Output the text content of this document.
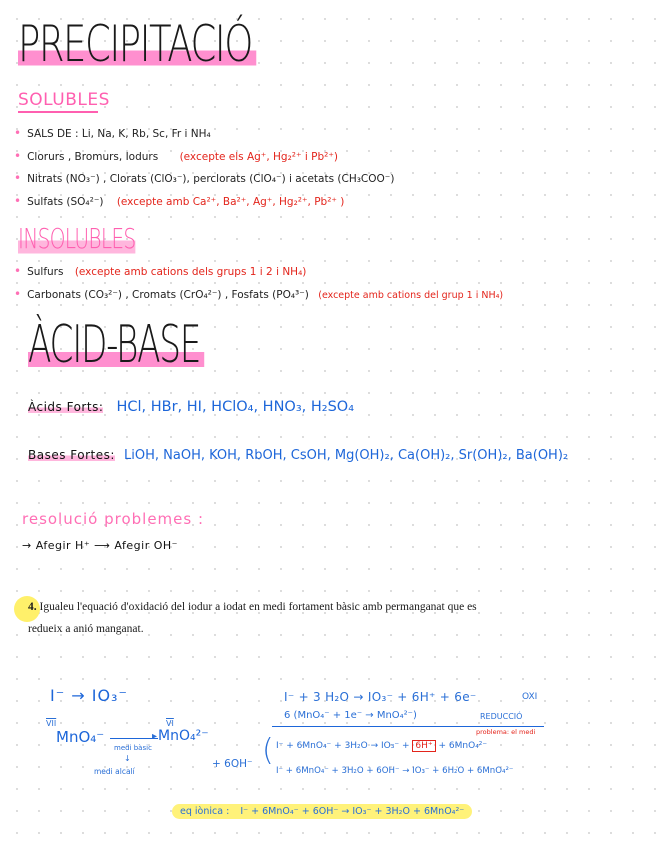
PRECIPITACIÓ
SOLUBLES
• SALS DE : Li, Na, K, Rb, Sc, Fr i NH₄
• Clorurs , Bromurs, Iodurs (excepte els Ag⁺, Hg₂²⁺ i Pb²⁺)
• Nitrats (NO₃⁻) , Clorats (ClO₃⁻), perclorats (ClO₄⁻) i acetats (CH₃COO⁻)
• Sulfats (SO₄²⁻) (excepte amb Ca²⁺, Ba²⁺, Ag⁺, Hg₂²⁺, Pb²⁺ )
INSOLUBLES
• Sulfurs (excepte amb cations dels grups 1 i 2 i NH₄)
• Carbonats (CO₃²⁻) , Cromats (CrO₄²⁻) , Fosfats (PO₄³⁻) (excepte amb cations del grup 1 i NH₄)
ÀCID-BASE
Àcids Forts: HCl, HBr, HI, HClO₄, HNO₃, H₂SO₄
Bases Fortes: LiOH, NaOH, KOH, RbOH, CsOH, Mg(OH)₂, Ca(OH)₂, Sr(OH)₂, Ba(OH)₂
resolució problemes :
→ Afegir H⁺ ⟶ Afegir OH⁻
4. Igualeu l'equació d'oxidació del iodur a iodat en medi fortament bàsic amb permanganat que es
redueix a anió manganat.
I⁻ → IO₃⁻
$\overline{VII}$
MnO₄⁻
$\overline{VI}$
▸ MnO₄²⁻
medi bàsic
↓
medi alcalí
+ 6OH⁻
I⁻ + 3 H₂O → IO₃⁻ + 6H⁺ + 6e⁻	OXI
6 (MnO₄⁻ + 1e⁻ → MnO₄²⁻)	REDUCCIÓ
problema: el medi
( I⁻ + 6MnO₄⁻ + 3H₂O → IO₃⁻ + 6H⁺ + 6MnO₄²⁻
I⁻ + 6MnO₄⁻ + 3H₂O + 6OH⁻ → IO₃⁻ + 6H₂O + 6MnO₄²⁻
eq iònica : I⁻ + 6MnO₄⁻ + 6OH⁻ → IO₃⁻ + 3H₂O + 6MnO₄²⁻
